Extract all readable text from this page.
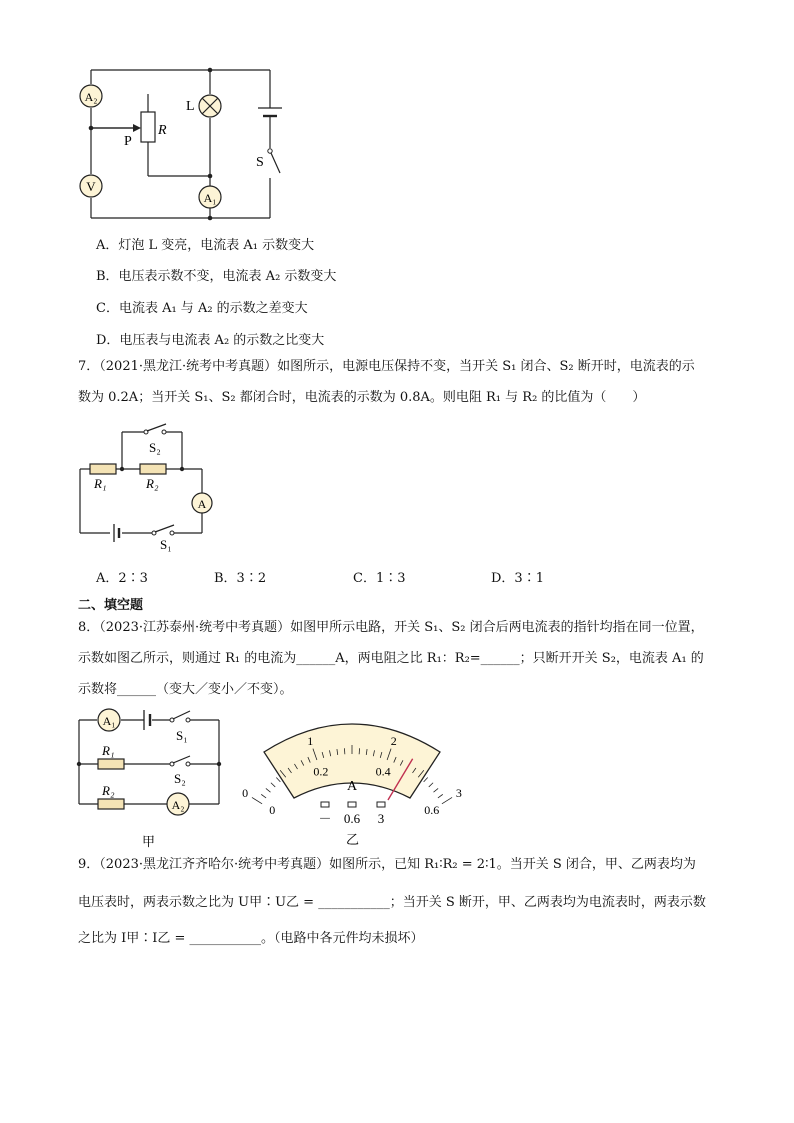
S
P
R
L
A₂
V
A₁
A．灯泡 L 变亮，电流表 A₁ 示数变大
B．电压表示数不变，电流表 A₂ 示数变大
C．电流表 A₁ 与 A₂ 的示数之差变大
D．电压表与电流表 A₂ 的示数之比变大
7．（2021·黑龙江·统考中考真题）如图所示，电源电压保持不变，当开关 S₁ 闭合、S₂ 断开时，电流表的示
数为 0.2A；当开关 S₁、S₂ 都闭合时，电流表的示数为 0.8A。则电阻 R₁ 与 R₂ 的比值为（　　）
S₂
R₁	R₂
A
S₁
A．2∶3	B．3∶2	C．1∶3	D．3∶1
二、填空题
8．（2023·江苏泰州·统考中考真题）如图甲所示电路，开关 S₁、S₂ 闭合后两电流表的指针均指在同一位置，
示数如图乙所示，则通过 R₁ 的电流为______A，两电阻之比 R₁：R₂=______；只断开开关 S₂，电流表 A₁ 的
示数将______（变大／变小／不变）。
A₁
S₁
R₁
S₂
R₂
A₂
甲
0
1	2
3
0
0.2	0.4
0.6
A
－ 0.6 3
乙
9．（2023·黑龙江齐齐哈尔·统考中考真题）如图所示，已知 R₁∶R₂ = 2∶1。当开关 S 闭合，甲、乙两表均为
电压表时，两表示数之比为 U甲∶U乙 = ___________；当开关 S 断开，甲、乙两表均为电流表时，两表示数
之比为 I甲∶I乙 = ___________。（电路中各元件均未损坏）
